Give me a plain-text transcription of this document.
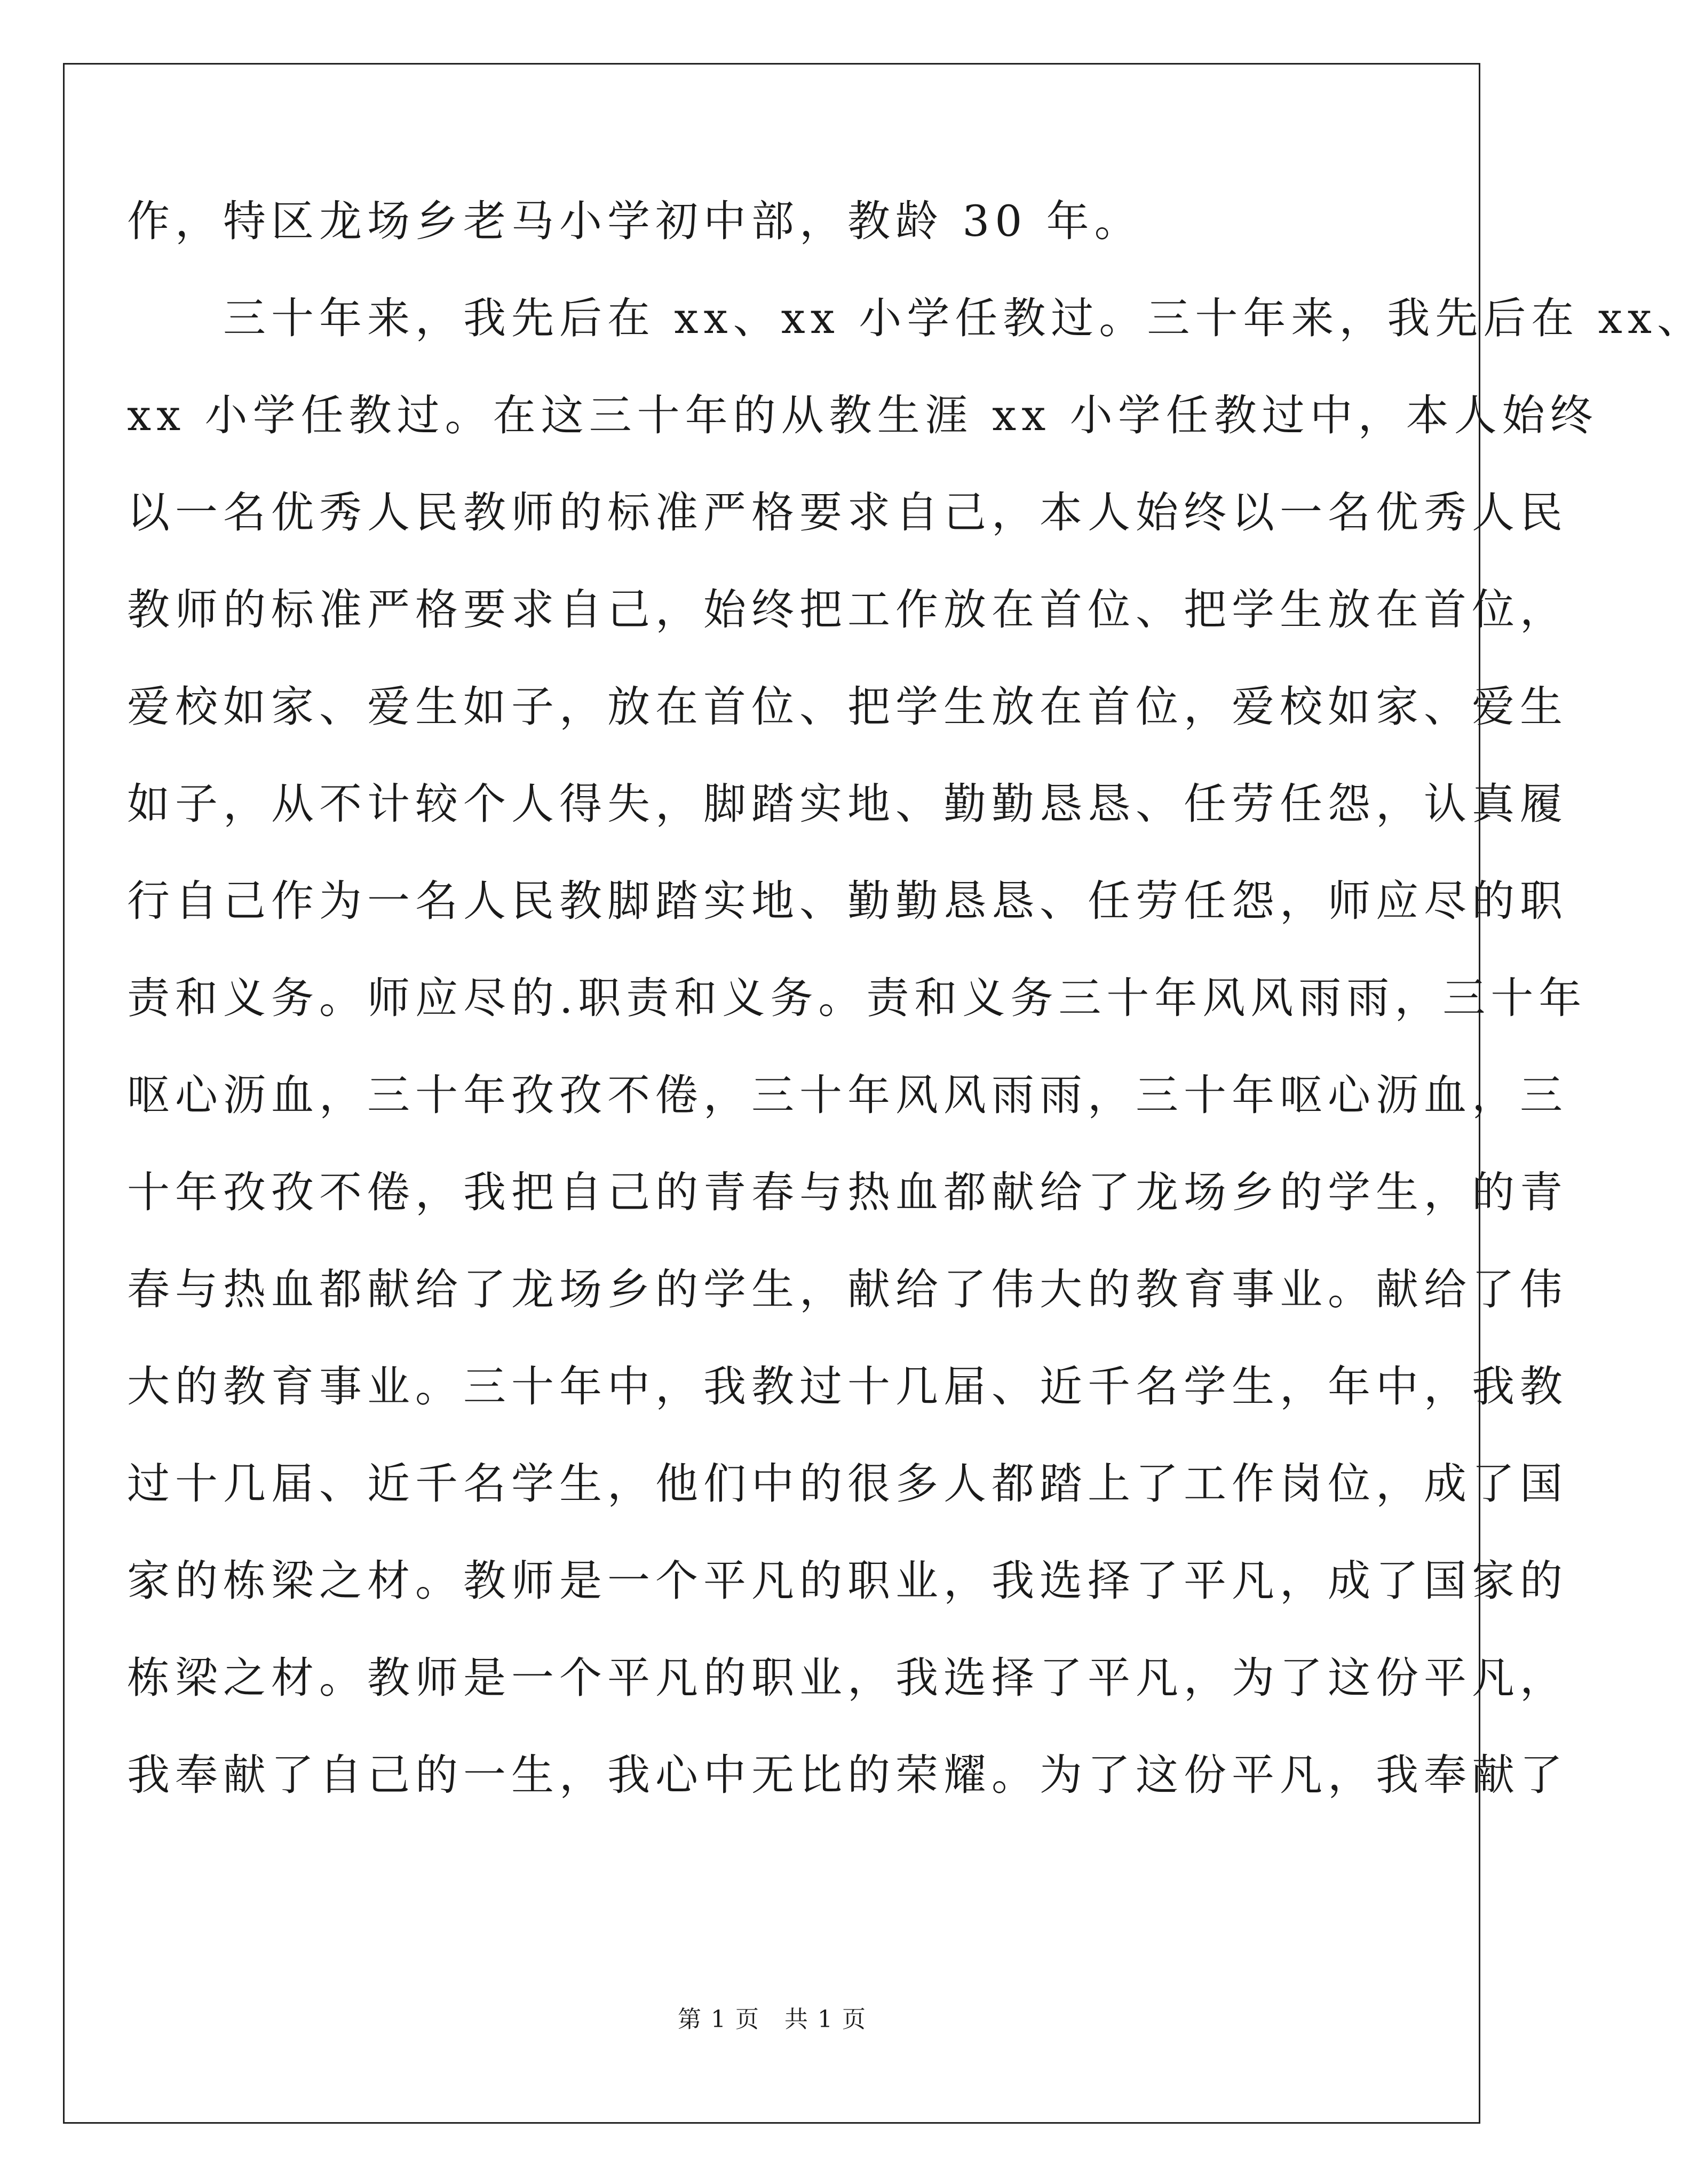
作，特区龙场乡老马小学初中部，教龄 30 年。
　　三十年来，我先后在 xx、xx 小学任教过。三十年来，我先后在 xx、
xx 小学任教过。在这三十年的从教生涯 xx 小学任教过中，本人始终
以一名优秀人民教师的标准严格要求自己，本人始终以一名优秀人民
教师的标准严格要求自己，始终把工作放在首位、把学生放在首位，
爱校如家、爱生如子，放在首位、把学生放在首位，爱校如家、爱生
如子，从不计较个人得失，脚踏实地、勤勤恳恳、任劳任怨，认真履
行自己作为一名人民教脚踏实地、勤勤恳恳、任劳任怨，师应尽的职
责和义务。师应尽的.职责和义务。责和义务三十年风风雨雨，三十年
呕心沥血，三十年孜孜不倦，三十年风风雨雨，三十年呕心沥血，三
十年孜孜不倦，我把自己的青春与热血都献给了龙场乡的学生，的青
春与热血都献给了龙场乡的学生，献给了伟大的教育事业。献给了伟
大的教育事业。三十年中，我教过十几届、近千名学生，年中，我教
过十几届、近千名学生，他们中的很多人都踏上了工作岗位，成了国
家的栋梁之材。教师是一个平凡的职业，我选择了平凡，成了国家的
栋梁之材。教师是一个平凡的职业，我选择了平凡，为了这份平凡，
我奉献了自己的一生，我心中无比的荣耀。为了这份平凡，我奉献了
第 1 页　共 1 页
